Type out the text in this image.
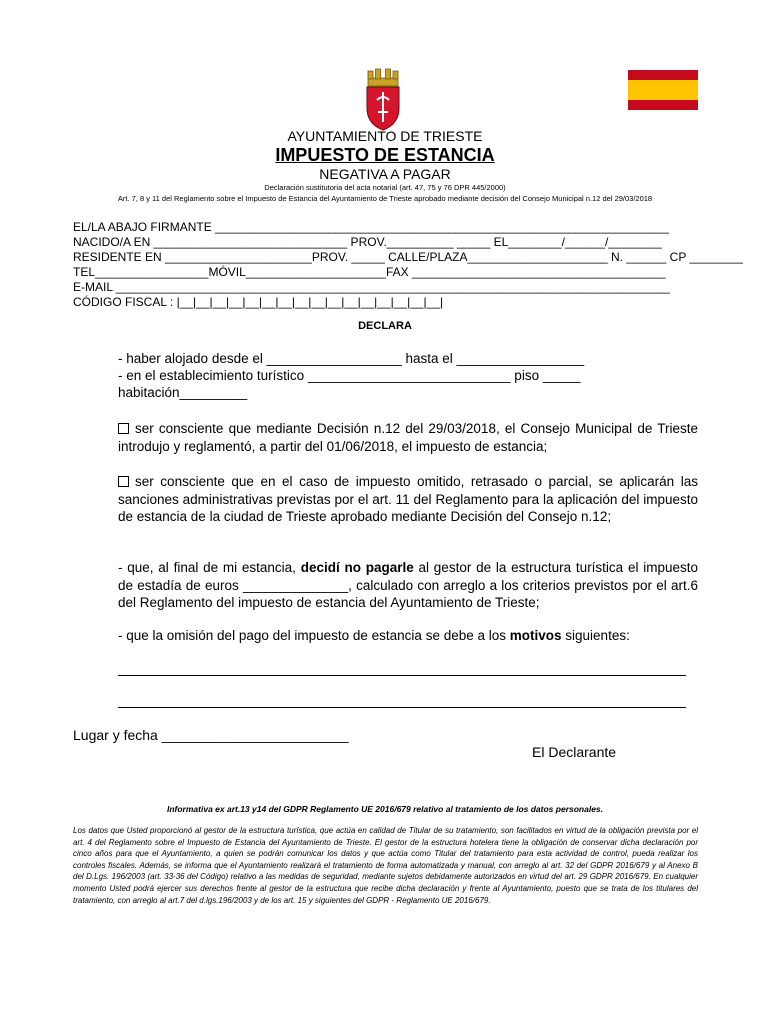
AYUNTAMIENTO DE TRIESTE
IMPUESTO DE ESTANCIA
NEGATIVA A PAGAR
Declaración sustitutoria del acta notarial (art. 47, 75 y 76 DPR 445/2000)
Art. 7, 8 y 11 del Reglamento sobre el Impuesto de Estancia del Ayuntamiento de Trieste aprobado mediante decisión del Consejo Municipal n.12 del 29/03/2018
EL/LA ABAJO FIRMANTE ____________________________________________________________________
NACIDO/A EN _____________________________ PROV.__________ _____ EL________/______/________
RESIDENTE EN ______________________PROV. _____ CALLE/PLAZA_____________________ N. ______ CP ________
TEL_________________MÓVIL_____________________FAX ______________________________________
E-MAIL ___________________________________________________________________________________
CÓDIGO FISCAL : |__|__|__|__|__|__|__|__|__|__|__|__|__|__|__|__|
DECLARA
- haber alojado desde el __________________ hasta el _________________
- en el establecimiento turístico ___________________________ piso _____
habitación_________
ser consciente que mediante Decisión n.12 del 29/03/2018, el Consejo Municipal de Trieste introdujo y reglamentó, a partir del 01/06/2018, el impuesto de estancia;
ser consciente que en el caso de impuesto omitido, retrasado o parcial, se aplicarán las sanciones administrativas previstas por el art. 11 del Reglamento para la aplicación del impuesto de estancia de la ciudad de Trieste aprobado mediante Decisión del Consejo n.12;
- que, al final de mi estancia, decidí no pagarle al gestor de la estructura turística el impuesto de estadía de euros ______________, calculado con arreglo a los criterios previstos por el art.6 del Reglamento del impuesto de estancia del Ayuntamiento de Trieste;
- que la omisión del pago del impuesto de estancia se debe a los motivos siguientes:
Lugar y fecha ________________________
El Declarante
Informativa ex art.13 y14 del GDPR Reglamento UE 2016/679 relativo al tratamiento de los datos personales.
Los datos que Usted proporcionó al gestor de la estructura turística, que actúa en calidad de Titular de su tratamiento, son facilitados en virtud de la obligación prevista por el art. 4 del Reglamento sobre el Impuesto de Estancia del Ayuntamiento de Trieste. El gestor de la estructura hotelera tiene la obligación de conservar dicha declaración por cinco años para que el Ayuntamiento, a quien se podrán comunicar los datos y que actúa como Titular del tratamiento para esta actividad de control, pueda realizar los controles fiscales. Además, se informa que el Ayuntamiento realizará el tratamiento de forma automatizada y manual, con arreglo al art. 32 del GDPR 2016/679 y al Anexo B del D.Lgs. 196/2003 (art. 33-36 del Código) relativo a las medidas de seguridad, mediante sujetos debidamente autorizados en virtud del art. 29 GDPR 2016/679. En cualquier momento Usted podrá ejercer sus derechos frente al gestor de la estructura que recibe dicha declaración y frente al Ayuntamiento, puesto que se trata de los titulares del tratamiento, con arreglo al art.7 del d.lgs.196/2003 y de los art. 15 y siguientes del GDPR - Reglamento UE 2016/679.
